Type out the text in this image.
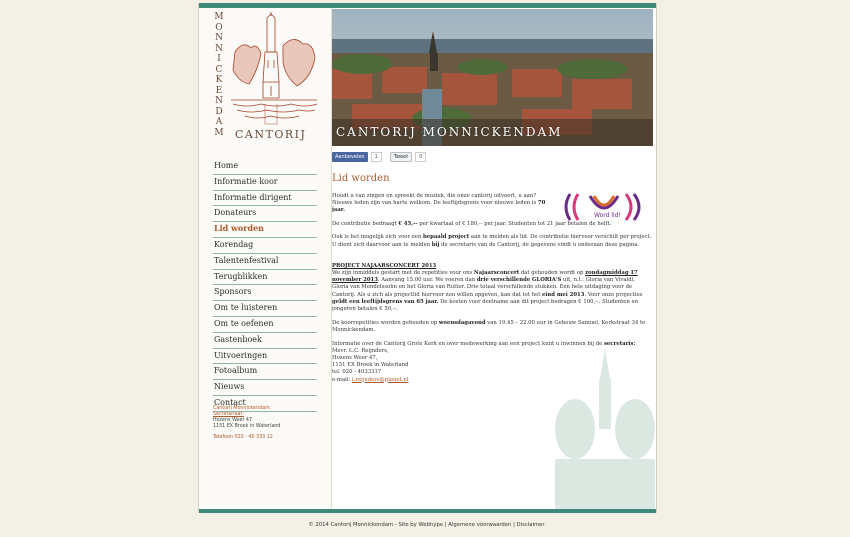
M
O
N
N
I
C
K
E
N
D
A
M CANTORIJ
Home
Informatie koor
Informatie dirigent
Donateurs
Lid worden
Korendag
Talentenfestival
Terugblikken
Sponsors
Om te luisteren
Om te oefenen
Gastenboek
Uitvoeringen
Fotoalbum
Nieuws
Contact
Cantorij Monnickendam
Secretariaat:
Hozens Weer 47
1151 EX Broek in Waterland
Telefoon 020 - 40 333 12
CANTORIJ MONNICKENDAM
Aanbevelen	1	Tweet	0
Lid worden
Word lid!

Houdt u van zingen en spreekt de muziek, die onze cantorij uitvoert, u aan?
Nieuwe leden zijn van harte welkom. De leeftijdsgrens voor nieuwe leden is 70 jaar.

De contributie bedraagt € 45,-- per kwartaal of € 180,-- per jaar. Studenten tot 21 jaar betalen de helft.

Ook is het mogelijk zich voor een bepaald project aan te melden als lid. De contributie hiervoor verschilt per project. U dient zich daarvoor aan te melden bij de secretaris van de Cantorij, de gegevens vindt u onderaan deze pagina.

PROJECT NAJAARSCONCERT 2013

We zijn inmiddels gestart met de repetities voor ons Najaarsconcert dat gehouden wordt op zondagmiddag 17 november 2013. Aanvang 15.00 uur. We voeren dan drie verschillende GLORIA'S uit, n.l.: Gloria van Vivaldi, Gloria van Mendelssohn en het Gloria van Rutter. Drie totaal verschillende stukken. Een hele uitdaging voor de Cantorij. Als u zich als projectlid hiervoor zou willen opgeven, kan dat tot het eind mei 2013. Voor onze projecties geldt een leeftijdsgrens van 65 jaar. De kosten voor deelname aan dit project bedragen € 100,--. Studenten en jongeren betalen € 50,--.

De koorrepetities worden gehouden op woensdagavond van 19.45 – 22.00 uur in Gebouw Samuel, Kerkstraat 34 te Monnickendam.

Informatie over de Cantorij Grote Kerk en over medewerking aan een project kunt u inwinnen bij de secretaris:
Mevr. L.C. Reijnders,
Hozens Weer 47,
1151 EX Broek in Waterland
tel. 020 - 4033317
e-mail: l.reijnders@planet.nl

© 2014 Cantorij Monnickendam - Site by Webhype | Algemene voorwaarden | Disclaimer
